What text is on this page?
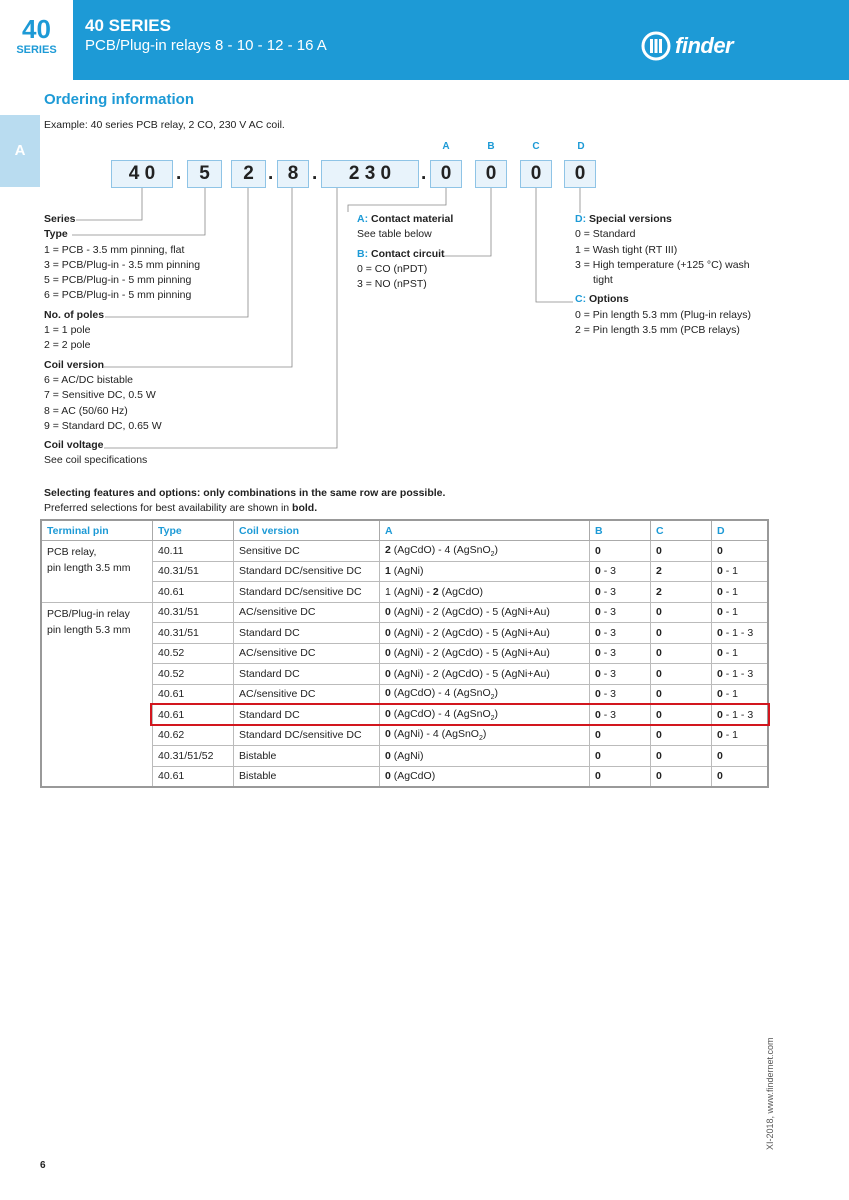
40
SERIES
40 SERIES
PCB/Plug-in relays 8 - 10 - 12 - 16 A	finder
A
Ordering information
Example: 40 series PCB relay, 2 CO, 230 V AC coil.
A	B	C	D
4 0	. 5	2 . 8 .	2 3 0	. 0	0	0	0
Series
Type
1 = PCB - 3.5 mm pinning, flat
3 = PCB/Plug-in - 3.5 mm pinning
5 = PCB/Plug-in - 5 mm pinning
6 = PCB/Plug-in - 5 mm pinning
No. of poles
1 = 1 pole
2 = 2 pole
Coil version
6 = AC/DC bistable
7 = Sensitive DC, 0.5 W
8 = AC (50/60 Hz)
9 = Standard DC, 0.65 W
Coil voltage
See coil specifications
A: Contact material
See table below
B: Contact circuit
0 = CO (nPDT)
3 = NO (nPST)
D: Special versions
0 = Standard
1 = Wash tight (RT III)
3 = High temperature (+125 °C) wash
tight
C: Options
0 = Pin length 5.3 mm (Plug-in relays)
2 = Pin length 3.5 mm (PCB relays)
Selecting features and options: only combinations in the same row are possible.
Preferred selections for best availability are shown in bold.
Terminal pin	Type	Coil version	A	B	C	D

PCB relay,
pin length 3.5 mm	40.11	Sensitive DC	2 (AgCdO) - 4 (AgSnO$_2$)	0	0	0
	40.31/51	Standard DC/sensitive DC	1 (AgNi)	0 - 3	2	0 - 1
	40.61	Standard DC/sensitive DC	1 (AgNi) - 2 (AgCdO)	0 - 3	2	0 - 1

PCB/Plug-in relay
pin length 5.3 mm	40.31/51	AC/sensitive DC	0 (AgNi) - 2 (AgCdO) - 5 (AgNi+Au)	0 - 3	0	0 - 1
	40.31/51	Standard DC	0 (AgNi) - 2 (AgCdO) - 5 (AgNi+Au)	0 - 3	0	0 - 1 - 3
	40.52	AC/sensitive DC	0 (AgNi) - 2 (AgCdO) - 5 (AgNi+Au)	0 - 3	0	0 - 1
	40.52	Standard DC	0 (AgNi) - 2 (AgCdO) - 5 (AgNi+Au)	0 - 3	0	0 - 1 - 3
	40.61	AC/sensitive DC	0 (AgCdO) - 4 (AgSnO$_2$)	0 - 3	0	0 - 1
	40.61	Standard DC	0 (AgCdO) - 4 (AgSnO$_2$)	0 - 3	0	0 - 1 - 3
	40.62	Standard DC/sensitive DC	0 (AgNi) - 4 (AgSnO$_2$)	0	0	0 - 1
	40.31/51/52	Bistable	0 (AgNi)	0	0	0
	40.61	Bistable	0 (AgCdO)	0	0	0
XI-2018, www.findernet.com
6
